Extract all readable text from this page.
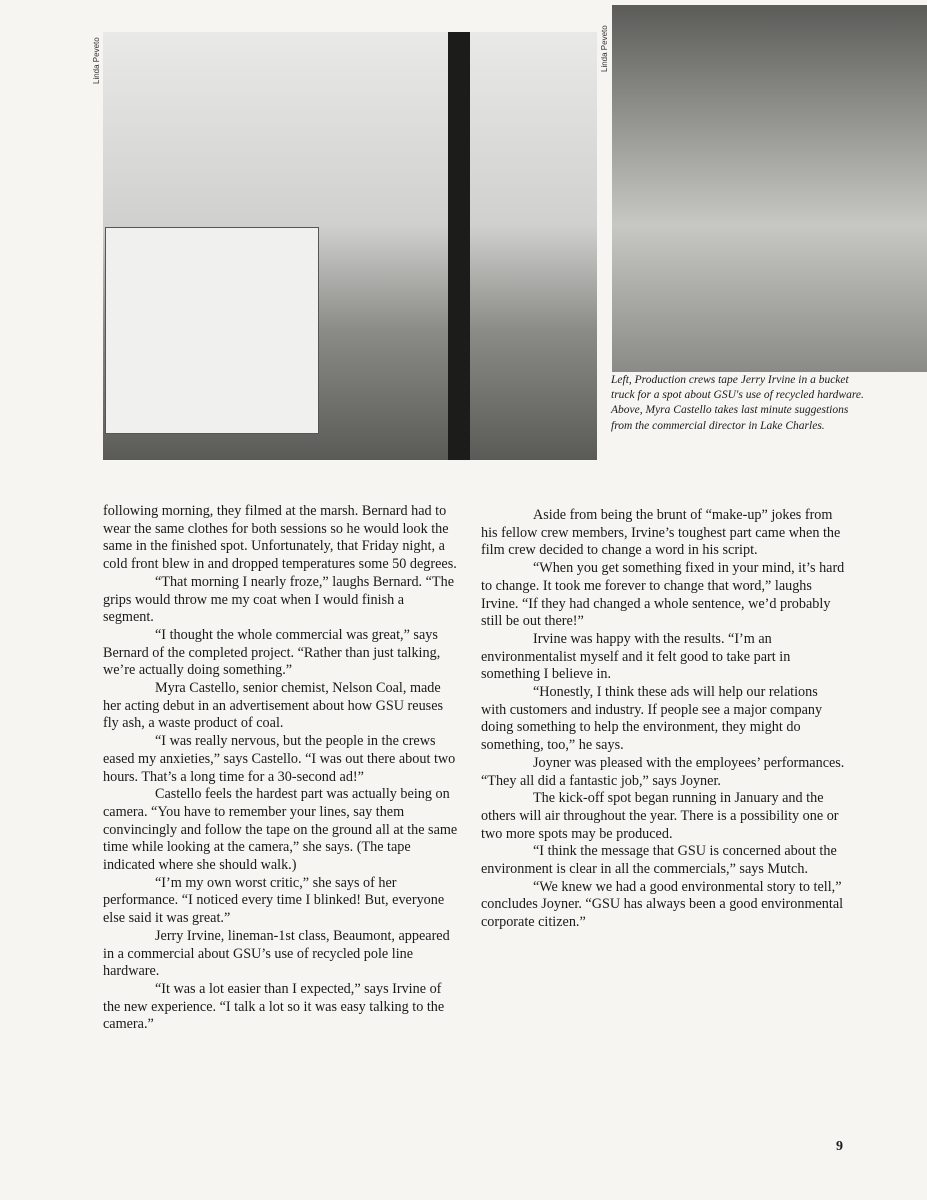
Linda Peveto	Linda Peveto
Left, Production crews tape Jerry Irvine in a bucket truck for a spot about GSU's use of recycled hardware. Above, Myra Castello takes last minute suggestions from the commercial director in Lake Charles.

following morning, they filmed at the marsh. Bernard had to wear the same clothes for both sessions so he would look the same in the finished spot. Unfortunately, that Friday night, a cold front blew in and dropped temperatures some 50 degrees.

“That morning I nearly froze,” laughs Bernard. “The grips would throw me my coat when I would finish a segment.

“I thought the whole commercial was great,” says Bernard of the completed project. “Rather than just talking, we’re actually doing something.”

Myra Castello, senior chemist, Nelson Coal, made her acting debut in an advertisement about how GSU reuses fly ash, a waste product of coal.

“I was really nervous, but the people in the crews eased my anxieties,” says Castello. “I was out there about two hours. That’s a long time for a 30-second ad!”

Castello feels the hardest part was actually being on camera. “You have to remember your lines, say them convincingly and follow the tape on the ground all at the same time while looking at the camera,” she says. (The tape indicated where she should walk.)

“I’m my own worst critic,” she says of her performance. “I noticed every time I blinked! But, everyone else said it was great.”

Jerry Irvine, lineman-1st class, Beaumont, appeared in a commercial about GSU’s use of recycled pole line hardware.

“It was a lot easier than I expected,” says Irvine of the new experience. “I talk a lot so it was easy talking to the camera.”

Aside from being the brunt of “make-up” jokes from his fellow crew members, Irvine’s toughest part came when the film crew decided to change a word in his script.

“When you get something fixed in your mind, it’s hard to change. It took me forever to change that word,” laughs Irvine. “If they had changed a whole sentence, we’d probably still be out there!”

Irvine was happy with the results. “I’m an environmentalist myself and it felt good to take part in something I believe in.

“Honestly, I think these ads will help our relations with customers and industry. If people see a major company doing something to help the environment, they might do something, too,” he says.

Joyner was pleased with the employees’ performances. “They all did a fantastic job,” says Joyner.

The kick-off spot began running in January and the others will air throughout the year. There is a possibility one or two more spots may be produced.

“I think the message that GSU is concerned about the environment is clear in all the commercials,” says Mutch.

“We knew we had a good environmental story to tell,” concludes Joyner. “GSU has always been a good environmental corporate citizen.”

9
